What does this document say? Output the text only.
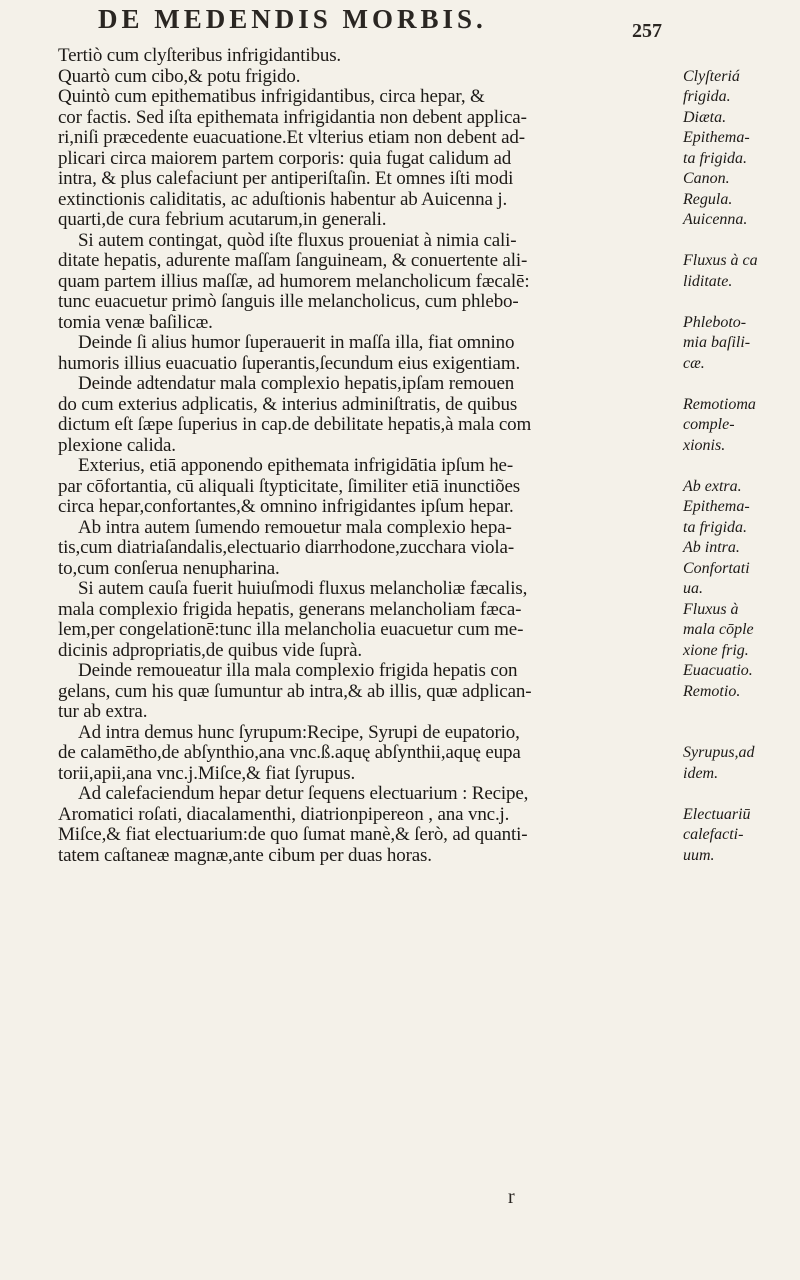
DE MEDENDIS MORBIS.	257
Tertiò cum clyſteribus infrigidantibus.
Quartò cum cibo,& potu frigido.
Quintò cum epithematibus infrigidantibus, circa hepar, &
cor factis. Sed iſta epithemata infrigidantia non debent applica-
ri,niſi præcedente euacuatione.Et vlterius etiam non debent ad-
plicari circa maiorem partem corporis: quia fugat calidum ad
intra, & plus calefaciunt per antiperiſtaſin. Et omnes iſti modi
extinctionis caliditatis, ac aduſtionis habentur ab Auicenna j.
quarti,de cura febrium acutarum,in generali.
Si autem contingat, quòd iſte fluxus proueniat à nimia cali-
ditate hepatis, adurente maſſam ſanguineam, & conuertente ali-
quam partem illius maſſæ, ad humorem melancholicum fæcalē:
tunc euacuetur primò ſanguis ille melancholicus, cum phlebo-
tomia venæ baſilicæ.
Deinde ſi alius humor ſuperauerit in maſſa illa, fiat omnino
humoris illius euacuatio ſuperantis,ſecundum eius exigentiam.
Deinde adtendatur mala complexio hepatis,ipſam remouen
do cum exterius adplicatis, & interius adminiſtratis, de quibus
dictum eſt ſæpe ſuperius in cap.de debilitate hepatis,à mala com
plexione calida.
Exterius, etiā apponendo epithemata infrigidātia ipſum he-
par cōfortantia, cū aliquali ſtypticitate, ſimiliter etiā inunctiões
circa hepar,confortantes,& omnino infrigidantes ipſum hepar.
Ab intra autem ſumendo remouetur mala complexio hepa-
tis,cum diatriaſandalis,electuario diarrhodone,zucchara viola-
to,cum conſerua nenupharina.
Si autem cauſa fuerit huiuſmodi fluxus melancholiæ fæcalis,
mala complexio frigida hepatis, generans melancholiam fæca-
lem,per congelationē:tunc illa melancholia euacuetur cum me-
dicinis adpropriatis,de quibus vide ſuprà.
Deinde remoueatur illa mala complexio frigida hepatis con
gelans, cum his quæ ſumuntur ab intra,& ab illis, quæ adplican-
tur ab extra.
Ad intra demus hunc ſyrupum:Recipe, Syrupi de eupatorio,
de calamētho,de abſynthio,ana vnc.ß.aquę abſynthii,aquę eupa
torii,apii,ana vnc.j.Miſce,& fiat ſyrupus.
Ad calefaciendum hepar detur ſequens electuarium : Recipe,
Aromatici roſati, diacalamenthi, diatrionpipereon , ana vnc.j.
Miſce,& fiat electuarium:de quo ſumat manè,& ſerò, ad quanti-
tatem caſtaneæ magnæ,ante cibum per duas horas.
Clyſteriá
frigida.
Diæta.
Epithema-
ta frigida.
Canon.
Regula.
Auicenna.
Fluxus à ca
liditate.
Phleboto-
mia baſili-
cæ.
Remotioma
comple-
xionis.
Ab extra.
Epithema-
ta frigida.
Ab intra.
Confortati
ua.
Fluxus à
mala cōple
xione frig.
Euacuatio.
Remotio.
Syrupus,ad
idem.
Electuariū
calefacti-
uum.
r
